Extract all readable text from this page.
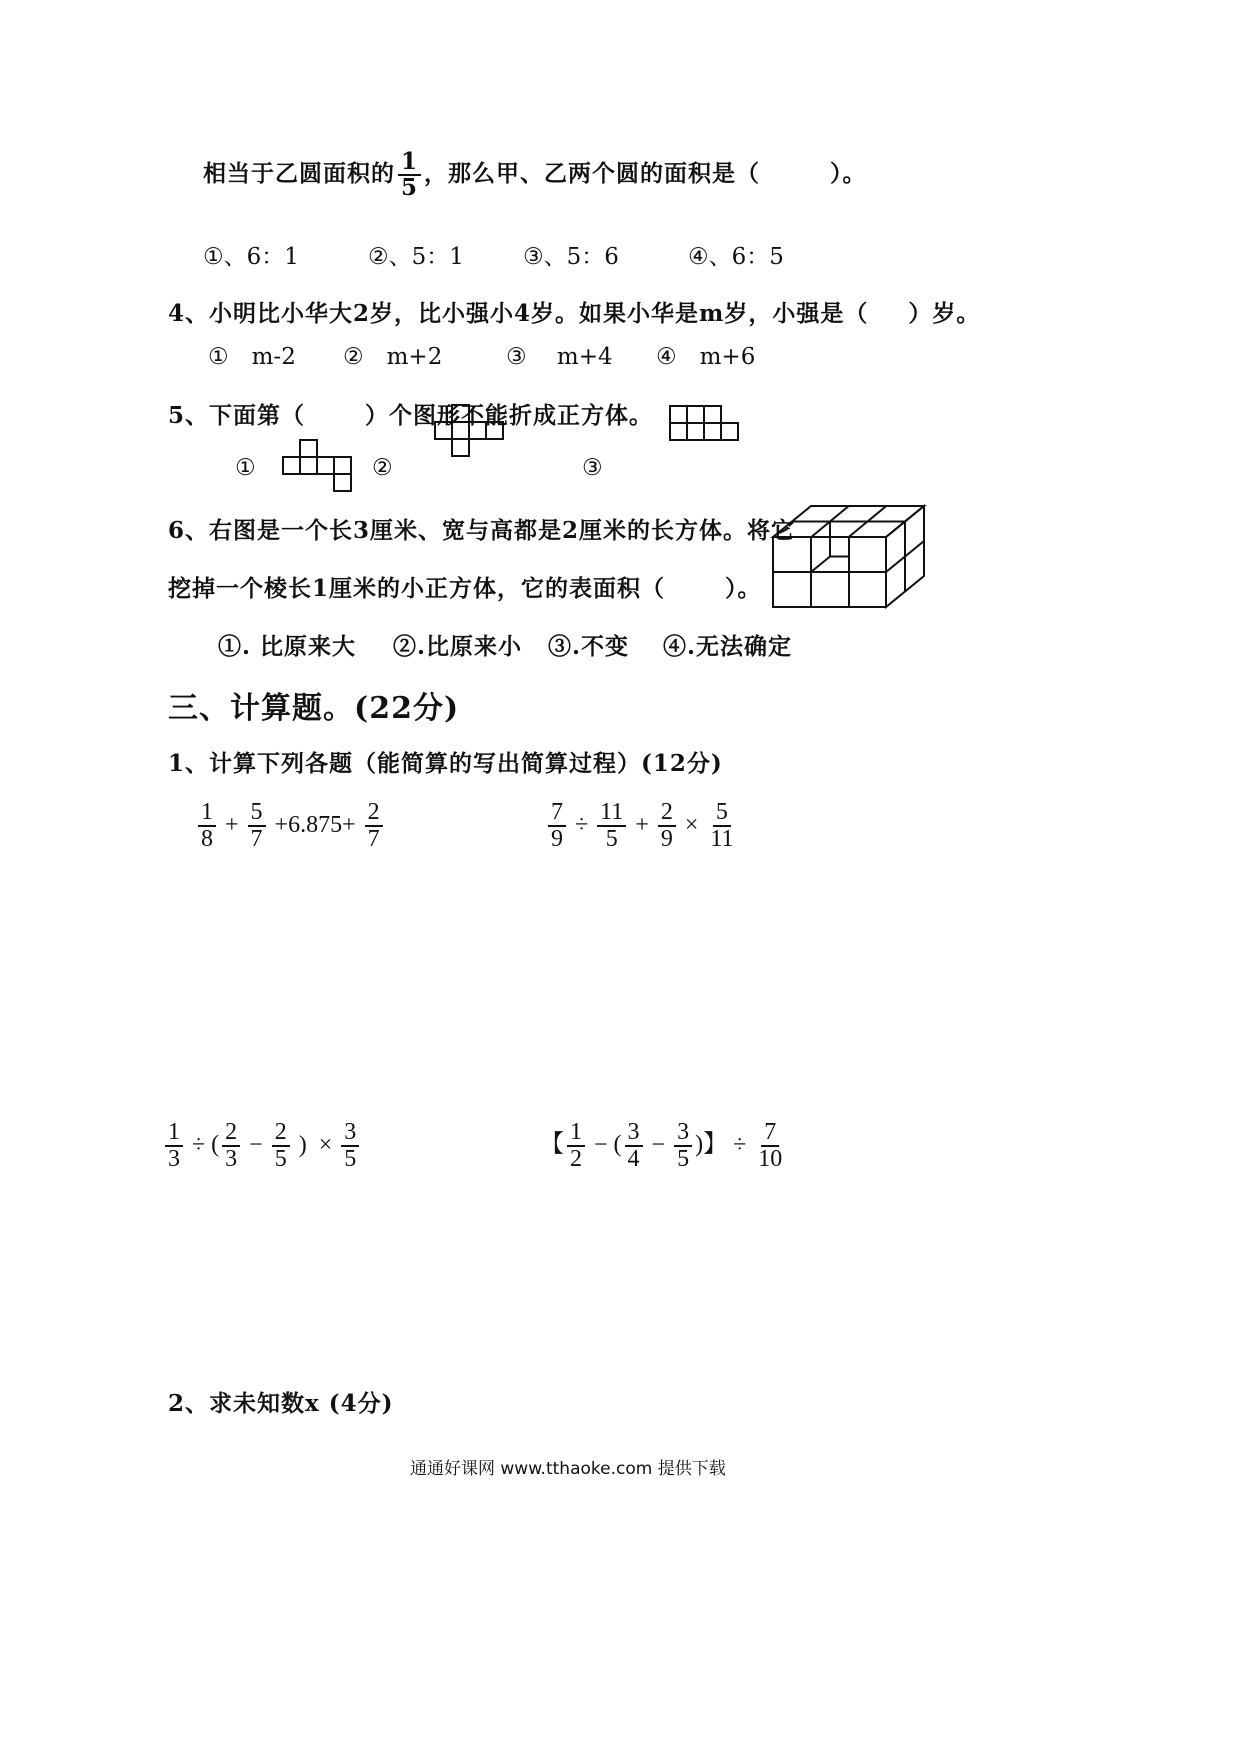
相当于乙圆面积的 $\frac{1}{5}$ ，那么甲、乙两个圆的面积是（	）。
①、6：1	②、5：1	③、5：6	④、6：5
4、小明比小华大2岁，比小强小4岁。如果小华是m岁，小强是（ ）岁。
①　m-2 ②　m+2	③　 m+4 ④　m+6
5、下面第（	）个图形不能折成正方体。
①	②	③
6、右图是一个长3厘米、宽与高都是2厘米的长方体。将它
挖掉一个棱长1厘米的小正方体，它的表面积（	）。
①. 比原来大 ②.比原来小 ③.不变 ④.无法确定
三、计算题。(22分)
1、计算下列各题（能简算的写出简算过程）(12分)
$\frac{1}{8} + \frac{5}{7} +6.875+ \frac{2}{7}$	$\frac{7}{9} \div \frac{11}{5} + \frac{2}{9} \times \frac{5}{11}$
$\frac{1}{3}$ ÷ ( $\frac{2}{3} - \frac{2}{5}$ ) × $\frac{3}{5}$	【 $\frac{1}{2}$ − ( $\frac{3}{4} - \frac{3}{5}$ )】 ÷ $\frac{7}{10}$
2、求未知数x (4分)
通通好课网 www.tthaoke.com 提供下载
